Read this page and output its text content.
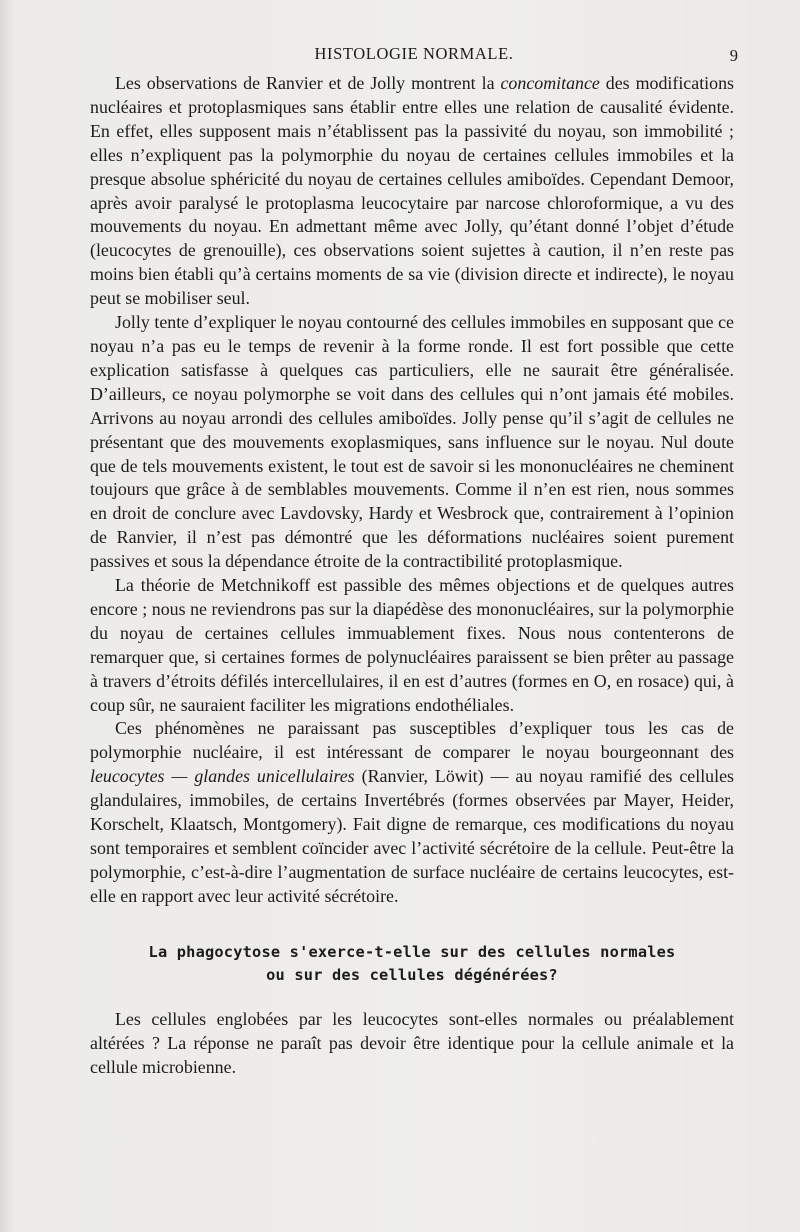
HISTOLOGIE NORMALE.	9

Les observations de Ranvier et de Jolly montrent la concomitance des modifications nucléaires et protoplasmiques sans établir entre elles une relation de causalité évidente. En effet, elles supposent mais n’établissent pas la passivité du noyau, son immobilité ; elles n’expliquent pas la polymorphie du noyau de certaines cellules immobiles et la presque absolue sphéricité du noyau de certaines cellules amiboïdes. Cependant Demoor, après avoir paralysé le protoplasma leucocytaire par narcose chloroformique, a vu des mouvements du noyau. En admettant même avec Jolly, qu’étant donné l’objet d’étude (leucocytes de grenouille), ces observations soient sujettes à caution, il n’en reste pas moins bien établi qu’à certains moments de sa vie (division directe et indirecte), le noyau peut se mobiliser seul.

Jolly tente d’expliquer le noyau contourné des cellules immobiles en supposant que ce noyau n’a pas eu le temps de revenir à la forme ronde. Il est fort possible que cette explication satisfasse à quelques cas particuliers, elle ne saurait être généralisée. D’ailleurs, ce noyau polymorphe se voit dans des cellules qui n’ont jamais été mobiles. Arrivons au noyau arrondi des cellules amiboïdes. Jolly pense qu’il s’agit de cellules ne présentant que des mouvements exoplasmiques, sans influence sur le noyau. Nul doute que de tels mouvements existent, le tout est de savoir si les mononucléaires ne cheminent toujours que grâce à de semblables mouvements. Comme il n’en est rien, nous sommes en droit de conclure avec Lavdovsky, Hardy et Wesbrock que, contrairement à l’opinion de Ranvier, il n’est pas démontré que les déformations nucléaires soient purement passives et sous la dépendance étroite de la contractibilité protoplasmique.

La théorie de Metchnikoff est passible des mêmes objections et de quelques autres encore ; nous ne reviendrons pas sur la diapédèse des mononucléaires, sur la polymorphie du noyau de certaines cellules immuablement fixes. Nous nous contenterons de remarquer que, si certaines formes de polynucléaires paraissent se bien prêter au passage à travers d’étroits défilés intercellulaires, il en est d’autres (formes en O, en rosace) qui, à coup sûr, ne sauraient faciliter les migrations endothéliales.

Ces phénomènes ne paraissant pas susceptibles d’expliquer tous les cas de polymorphie nucléaire, il est intéressant de comparer le noyau bourgeonnant des leucocytes — glandes unicellulaires (Ranvier, Löwit) — au noyau ramifié des cellules glandulaires, immobiles, de certains Invertébrés (formes observées par Mayer, Heider, Korschelt, Klaatsch, Montgomery). Fait digne de remarque, ces modifications du noyau sont temporaires et semblent coïncider avec l’activité sécrétoire de la cellule. Peut-être la polymorphie, c’est-à-dire l’augmentation de surface nucléaire de certains leucocytes, est-elle en rapport avec leur activité sécrétoire.

La phagocytose s'exerce-t-elle sur des cellules normales
ou sur des cellules dégénérées?

Les cellules englobées par les leucocytes sont-elles normales ou préalablement altérées ? La réponse ne paraît pas devoir être identique pour la cellule animale et la cellule microbienne.
